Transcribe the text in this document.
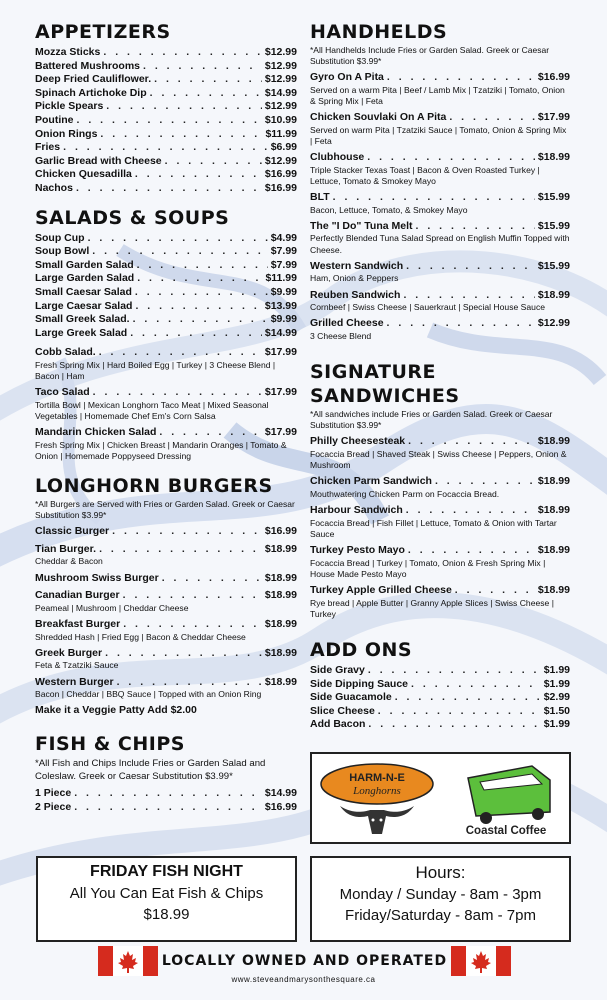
APPETIZERS
Mozza Sticks . . .	$12.99
Battered Mushrooms . . .	$12.99
Deep Fried Cauliflower. . . .	$12.99
Spinach Artichoke Dip . . .	$14.99
Pickle Spears . . .	$12.99
Poutine . . .	$10.99
Onion Rings . . .	$11.99
Fries . . .	$6.99
Garlic Bread with Cheese . . .	$12.99
Chicken Quesadilla . . .	$16.99
Nachos . . .	$16.99
SALADS & SOUPS
Soup Cup . . .	$4.99
Soup Bowl . . .	$7.99
Small Garden Salad . . .	$7.99
Large Garden Salad . . .	$11.99
Small Caesar Salad . . .	$9.99
Large Caesar Salad . . .	$13.99
Small Greek Salad. . . .	$9.99
Large Greek Salad . . .	$14.99
Cobb Salad. . . .	$17.99
Fresh Spring Mix | Hard Boiled Egg | Turkey | 3 Cheese Blend | Bacon | Ham
Taco Salad . . .	$17.99
Tortilla Bowl | Mexican Longhorn Taco Meat | Mixed Seasonal Vegetables | Homemade Chef Em's Corn Salsa
Mandarin Chicken Salad . . .	$17.99
Fresh Spring Mix | Chicken Breast | Mandarin Oranges | Tomato & Onion | Homemade Poppyseed Dressing
LONGHORN BURGERS
*All Burgers are Served with Fries or Garden Salad. Greek or Caesar Substitution $3.99*
Classic Burger . . .	$16.99
Tian Burger. . . .	$18.99
Cheddar & Bacon
Mushroom Swiss Burger . . .	$18.99
Canadian Burger . . .	$18.99
Peameal | Mushroom | Cheddar Cheese
Breakfast Burger . . .	$18.99
Shredded Hash | Fried Egg | Bacon & Cheddar Cheese
Greek Burger . . .	$18.99
Feta & Tzatziki Sauce
Western Burger . . .	$18.99
Bacon | Cheddar | BBQ Sauce | Topped with an Onion Ring
Make it a Veggie Patty Add $2.00
FISH & CHIPS
*All Fish and Chips Include Fries or Garden Salad and Coleslaw. Greek or Caesar Substitution $3.99*
1 Piece . . .	$14.99
2 Piece . . .	$16.99
HANDHELDS
*All Handhelds Include Fries or Garden Salad. Greek or Caesar Substitution $3.99*
Gyro On A Pita . . .	$16.99
Served on a warm Pita | Beef / Lamb Mix | Tzatziki | Tomato, Onion & Spring Mix | Feta
Chicken Souvlaki On A Pita . . .	$17.99
Served on warm Pita | Tzatziki Sauce | Tomato, Onion & Spring Mix | Feta
Clubhouse . . .	$18.99
Triple Stacker Texas Toast | Bacon & Oven Roasted Turkey | Lettuce, Tomato & Smokey Mayo
BLT . . .	$15.99
Bacon, Lettuce, Tomato, & Smokey Mayo
The "I Do" Tuna Melt . . .	$15.99
Perfectly Blended Tuna Salad Spread on English Muffin Topped with Cheese.
Western Sandwich . . .	$15.99
Ham, Onion & Peppers
Reuben Sandwich . . .	$18.99
Cornbeef | Swiss Cheese | Sauerkraut | Special House Sauce
Grilled Cheese . . .	$12.99
3 Cheese Blend
SIGNATURE SANDWICHES
*All sandwiches include Fries or Garden Salad. Greek or Caesar Substitution $3.99*
Philly Cheesesteak . . .	$18.99
Focaccia Bread | Shaved Steak | Swiss Cheese | Peppers, Onion & Mushroom
Chicken Parm Sandwich . . .	$18.99
Mouthwatering Chicken Parm on Focaccia Bread.
Harbour Sandwich . . .	$18.99
Focaccia Bread | Fish Fillet | Lettuce, Tomato & Onion with Tartar Sauce
Turkey Pesto Mayo . . .	$18.99
Focaccia Bread | Turkey | Tomato, Onion & Fresh Spring Mix | House Made Pesto Mayo
Turkey Apple Grilled Cheese . . .	$18.99
Rye bread | Apple Butter | Granny Apple Slices | Swiss Cheese | Turkey
ADD ONS
Side Gravy . . .	$1.99
Side Dipping Sauce . . .	$1.99
Side Guacamole . . .	$2.99
Slice Cheese . . .	$1.50
Add Bacon . . .	$1.99
HARM-N-E
Longhorns
Coastal Coffee
FRIDAY FISH NIGHT
All You Can Eat Fish & Chips
$18.99
Hours:
Monday / Sunday - 8am - 3pm
Friday/Saturday - 8am - 7pm
LOCALLY OWNED AND OPERATED
www.steveandmarysonthesquare.ca
